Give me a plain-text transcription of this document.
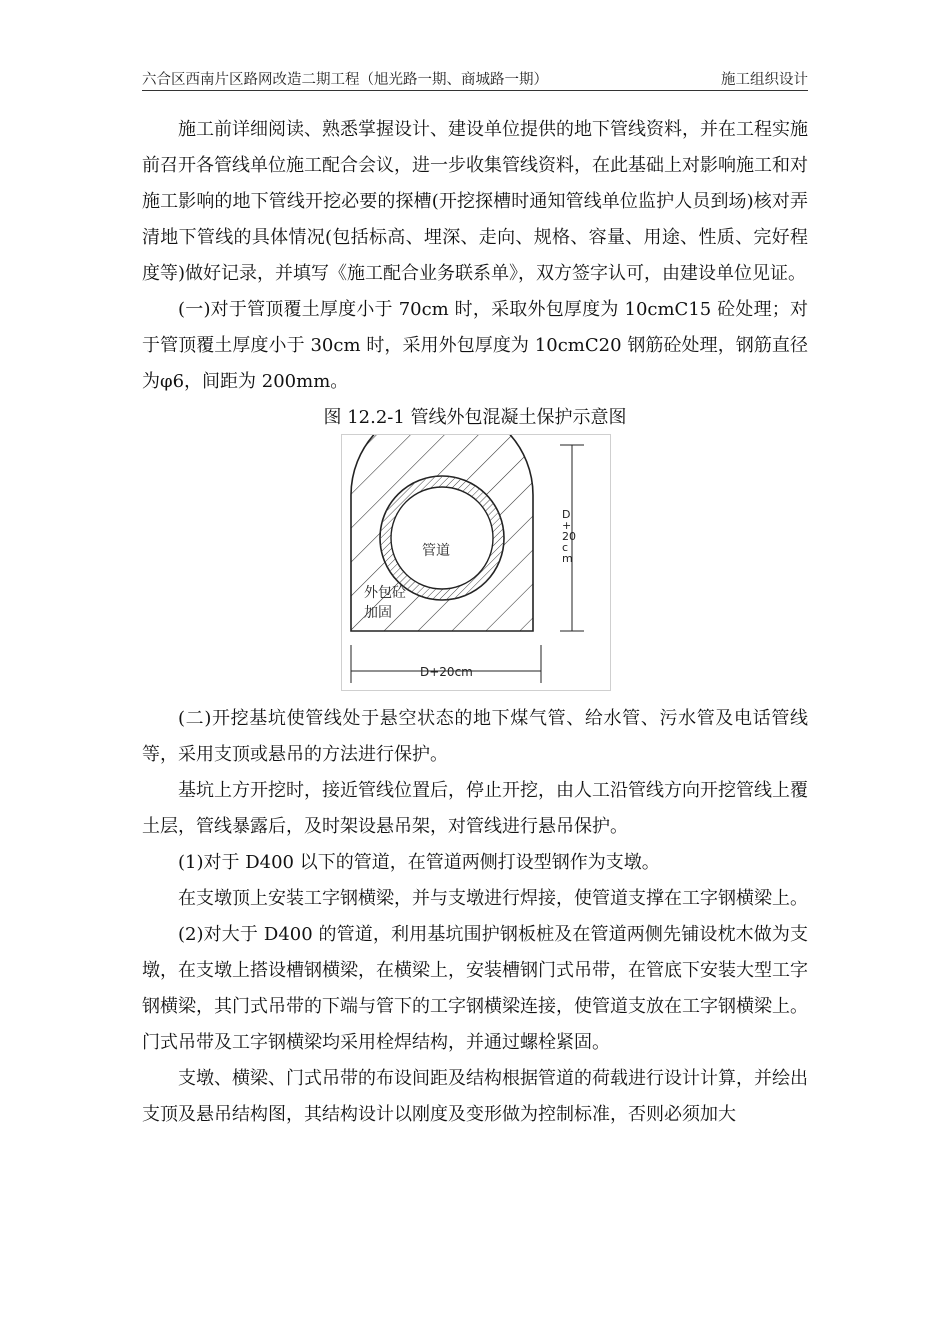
六合区西南片区路网改造二期工程（旭光路一期、商城路一期）	施工组织设计

施工前详细阅读、熟悉掌握设计、建设单位提供的地下管线资料，并在工程实施前召开各管线单位施工配合会议，进一步收集管线资料，在此基础上对影响施工和对施工影响的地下管线开挖必要的探槽(开挖探槽时通知管线单位监护人员到场)核对弄清地下管线的具体情况(包括标高、埋深、走向、规格、容量、用途、性质、完好程度等)做好记录，并填写《施工配合业务联系单》，双方签字认可，由建设单位见证。

(一)对于管顶覆土厚度小于 70cm 时，采取外包厚度为 10cmC15 砼处理；对于管顶覆土厚度小于 30cm 时，采用外包厚度为 10cmC20 钢筋砼处理，钢筋直径为φ6，间距为 200mm。

图 12.2-1 管线外包混凝土保护示意图

管道
外包砼
加固
D+20cm
D+20cm

(二)开挖基坑使管线处于悬空状态的地下煤气管、给水管、污水管及电话管线等，采用支顶或悬吊的方法进行保护。

基坑上方开挖时，接近管线位置后，停止开挖，由人工沿管线方向开挖管线上覆土层，管线暴露后，及时架设悬吊架，对管线进行悬吊保护。

(1)对于 D400 以下的管道，在管道两侧打设型钢作为支墩。

在支墩顶上安装工字钢横梁，并与支墩进行焊接，使管道支撑在工字钢横梁上。

(2)对大于 D400 的管道，利用基坑围护钢板桩及在管道两侧先铺设枕木做为支墩，在支墩上搭设槽钢横梁，在横梁上，安装槽钢门式吊带，在管底下安装大型工字钢横梁，其门式吊带的下端与管下的工字钢横梁连接，使管道支放在工字钢横梁上。门式吊带及工字钢横梁均采用栓焊结构，并通过螺栓紧固。

支墩、横梁、门式吊带的布设间距及结构根据管道的荷载进行设计计算，并绘出支顶及悬吊结构图，其结构设计以刚度及变形做为控制标准，否则必须加大
